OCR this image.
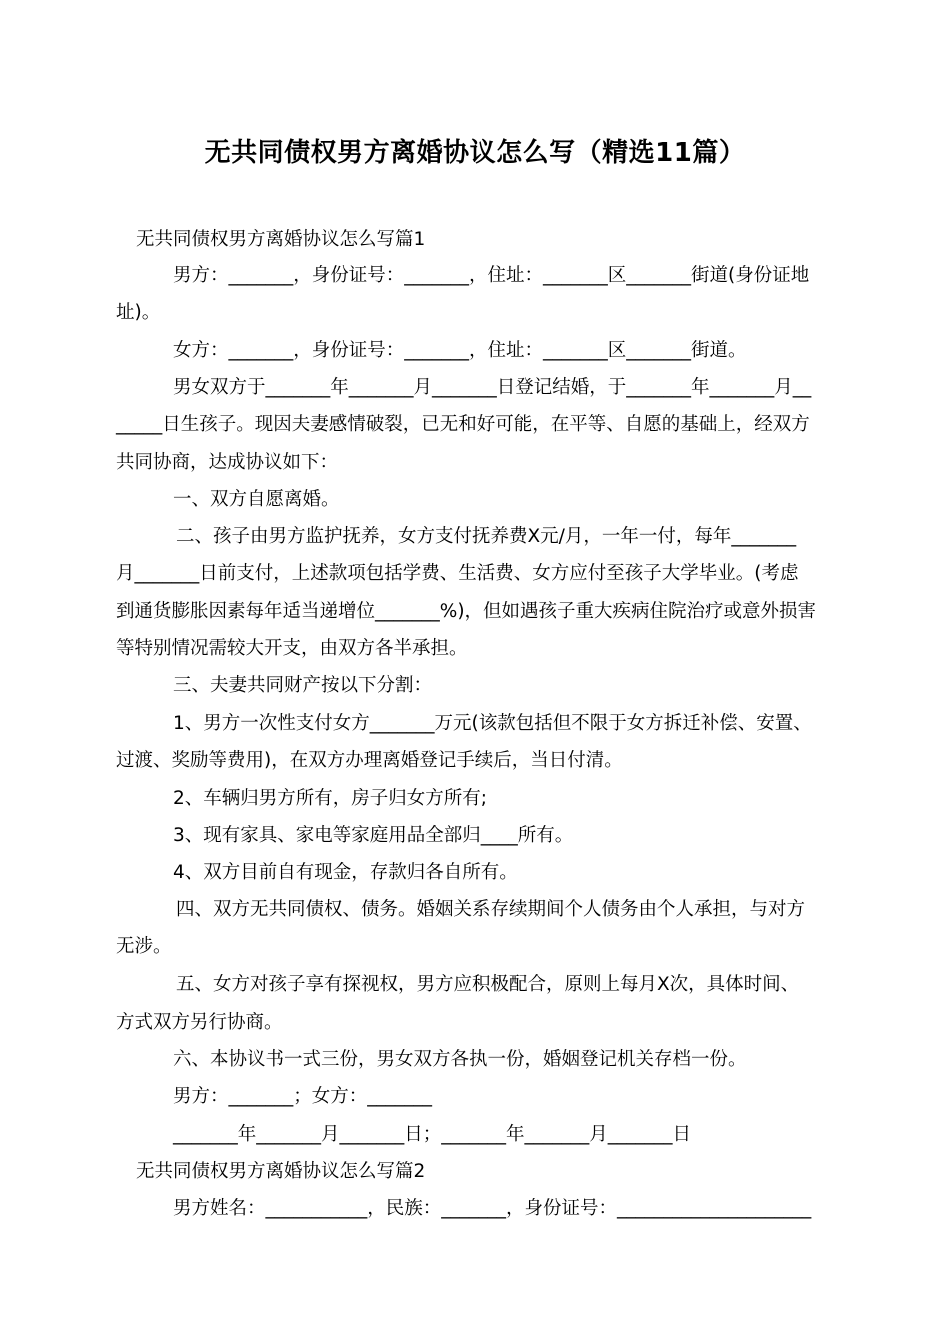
无共同债权男方离婚协议怎么写（精选11篇）
无共同债权男方离婚协议怎么写篇1
男方：_______，身份证号：_______，住址：_______区_______街道(身份证地
址)。
女方：_______，身份证号：_______，住址：_______区_______街道。
男女双方于_______年_______月_______日登记结婚，于_______年_______月__
_____日生孩子。现因夫妻感情破裂，已无和好可能，在平等、自愿的基础上，经双方
共同协商，达成协议如下：
一、双方自愿离婚。
二、孩子由男方监护抚养，女方支付抚养费X元/月，一年一付，每年_______
月_______日前支付，上述款项包括学费、生活费、女方应付至孩子大学毕业。(考虑
到通货膨胀因素每年适当递增位_______%)，但如遇孩子重大疾病住院治疗或意外损害
等特别情况需较大开支，由双方各半承担。
三、夫妻共同财产按以下分割：
1、男方一次性支付女方_______万元(该款包括但不限于女方拆迁补偿、安置、
过渡、奖励等费用)，在双方办理离婚登记手续后，当日付清。
2、车辆归男方所有，房子归女方所有;
3、现有家具、家电等家庭用品全部归____所有。
4、双方目前自有现金，存款归各自所有。
四、双方无共同债权、债务。婚姻关系存续期间个人债务由个人承担，与对方
无涉。
五、女方对孩子享有探视权，男方应积极配合，原则上每月X次，具体时间、
方式双方另行协商。
六、本协议书一式三份，男女双方各执一份，婚姻登记机关存档一份。
男方：_______；女方：_______
_______年_______月_______日；_______年_______月_______日
无共同债权男方离婚协议怎么写篇2
男方姓名：___________，民族：_______，身份证号：_____________________
